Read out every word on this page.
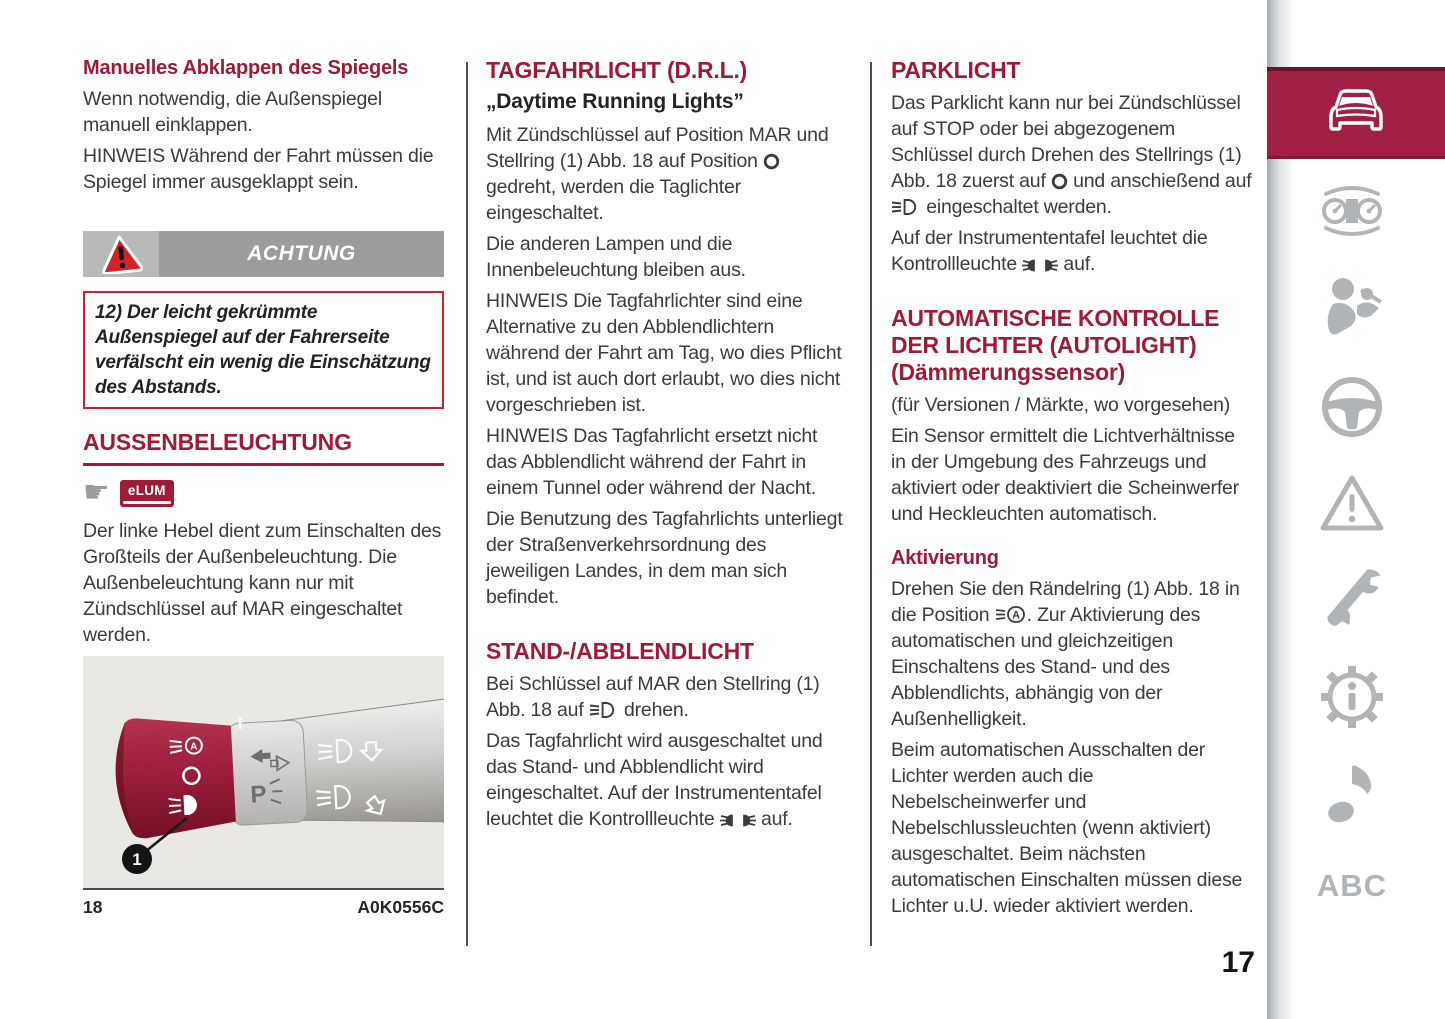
Manuelles Abklappen des Spiegels

Wenn notwendig, die Außenspiegel manuell einklappen.

HINWEIS Während der Fahrt müssen die Spiegel immer ausgeklappt sein.

ACHTUNG

12) Der leicht gekrümmte Außenspiegel auf der Fahrerseite verfälscht ein wenig die Einschätzung des Abstands.

AUSSENBELEUCHTUNG
☛	eLUM

Der linke Hebel dient zum Einschalten des Großteils der Außenbeleuchtung. Die Außenbeleuchtung kann nur mit Zündschlüssel auf MAR eingeschaltet werden.

A
P
1
18	A0K0556C
TAGFAHRLICHT (D.R.L.)
„Daytime Running Lights”

Mit Zündschlüssel auf Position MAR und Stellring (1) Abb. 18 auf Position  gedreht, werden die Taglichter eingeschaltet.

Die anderen Lampen und die Innenbeleuchtung bleiben aus.

HINWEIS Die Tagfahrlichter sind eine Alternative zu den Abblendlichtern während der Fahrt am Tag, wo dies Pflicht ist, und ist auch dort erlaubt, wo dies nicht vorgeschrieben ist.

HINWEIS Das Tagfahrlicht ersetzt nicht das Abblendlicht während der Fahrt in einem Tunnel oder während der Nacht.

Die Benutzung des Tagfahrlichts unterliegt der Straßenverkehrsordnung des jeweiligen Landes, in dem man sich befindet.

STAND-/ABBLENDLICHT

Bei Schlüssel auf MAR den Stellring (1) Abb. 18 auf  drehen.

Das Tagfahrlicht wird ausgeschaltet und das Stand- und Abblendlicht wird eingeschaltet. Auf der Instrumententafel leuchtet die Kontrollleuchte  auf.

PARKLICHT

Das Parklicht kann nur bei Zündschlüssel auf STOP oder bei abgezogenem Schlüssel durch Drehen des Stellrings (1) Abb. 18 zuerst auf  und anschießend auf  eingeschaltet werden.

Auf der Instrumententafel leuchtet die Kontrollleuchte  auf.

AUTOMATISCHE KONTROLLE DER LICHTER (AUTOLIGHT) (Dämmerungssensor)

(für Versionen / Märkte, wo vorgesehen)

Ein Sensor ermittelt die Lichtverhältnisse in der Umgebung des Fahrzeugs und aktiviert oder deaktiviert die Scheinwerfer und Heckleuchten automatisch.

Aktivierung

Drehen Sie den Rändelring (1) Abb. 18 in die Position A . Zur Aktivierung des automatischen und gleichzeitigen Einschaltens des Stand- und des Abblendlichts, abhängig von der Außenhelligkeit.

Beim automatischen Ausschalten der Lichter werden auch die Nebelscheinwerfer und Nebelschlussleuchten (wenn aktiviert) ausgeschaltet. Beim nächsten automatischen Einschalten müssen diese Lichter u.U. wieder aktiviert werden.

ABC
17
